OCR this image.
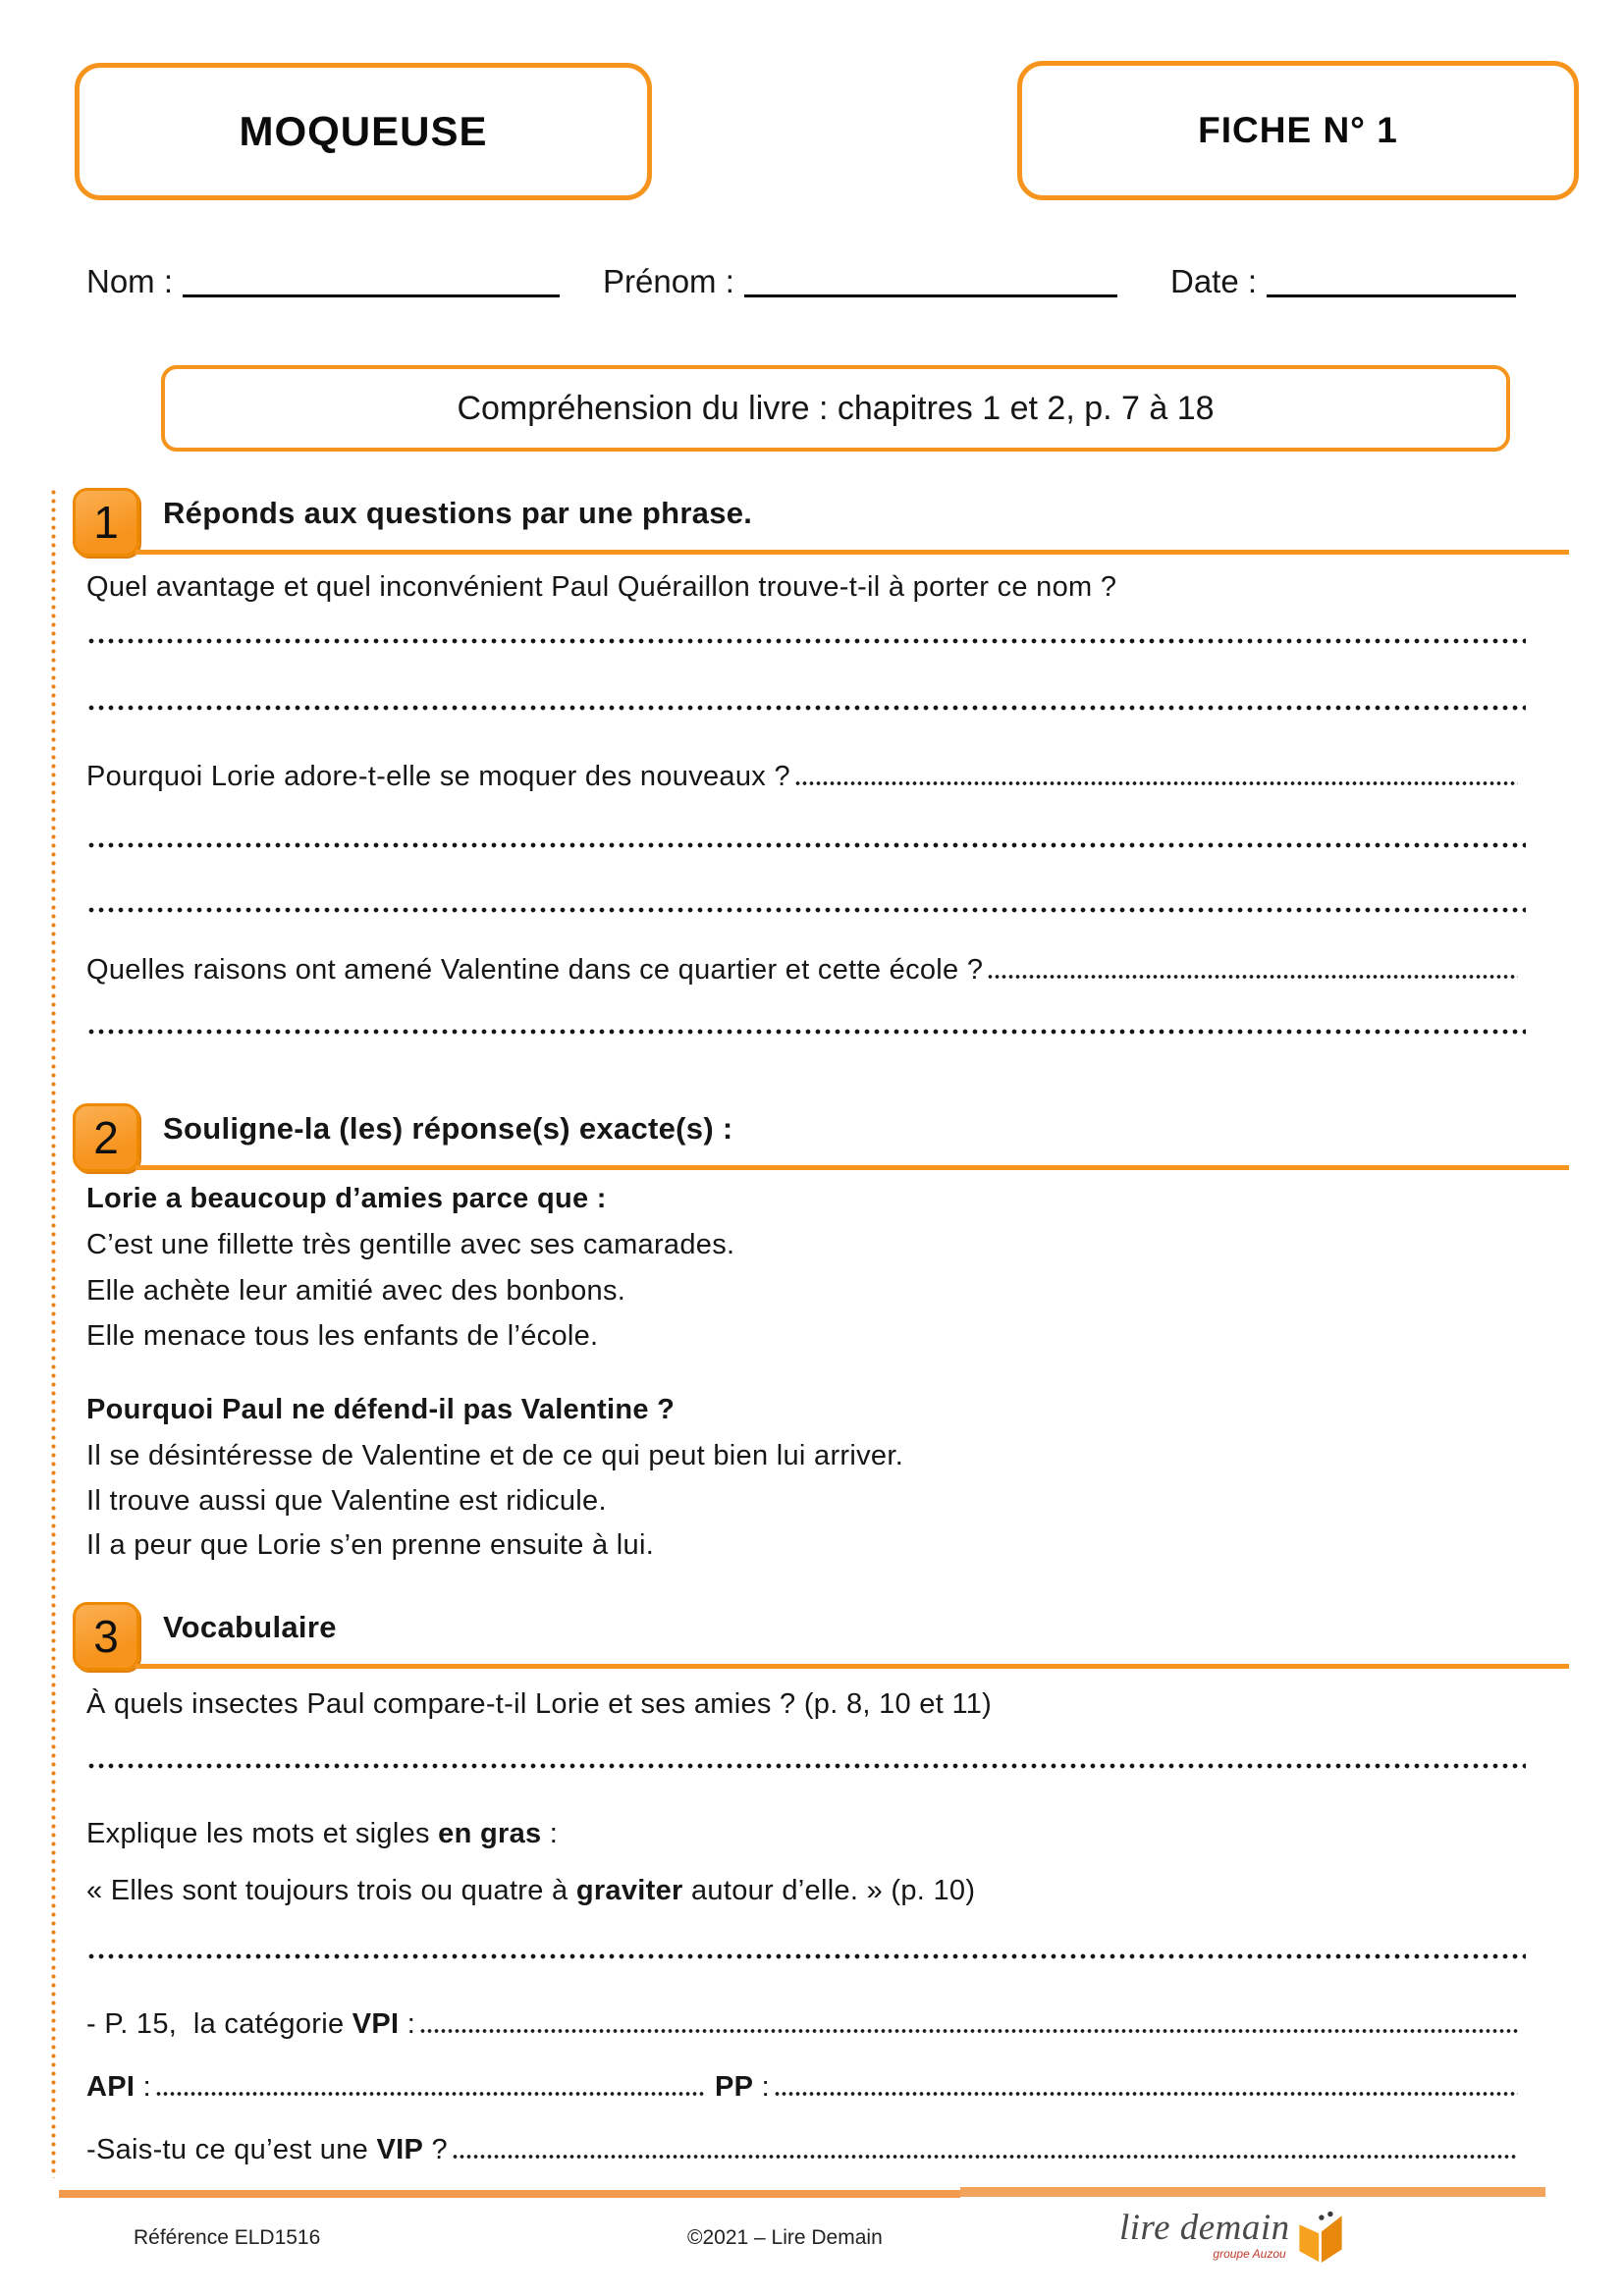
MOQUEUSE	FICHE N° 1
Nom :	Prénom :	Date :
Compréhension du livre : chapitres 1 et 2, p. 7 à 18
1 Réponds aux questions par une phrase.
Quel avantage et quel inconvénient Paul Quéraillon trouve-t-il à porter ce nom ?
Pourquoi Lorie adore-t-elle se moquer des nouveaux ?
Quelles raisons ont amené Valentine dans ce quartier et cette école ?
2 Souligne-la (les) réponse(s) exacte(s) :
Lorie a beaucoup d’amies parce que :
C’est une fillette très gentille avec ses camarades.
Elle achète leur amitié avec des bonbons.
Elle menace tous les enfants de l’école.
Pourquoi Paul ne défend-il pas Valentine ?
Il se désintéresse de Valentine et de ce qui peut bien lui arriver.
Il trouve aussi que Valentine est ridicule.
Il a peur que Lorie s’en prenne ensuite à lui.
3 Vocabulaire
À quels insectes Paul compare-t-il Lorie et ses amies ? (p. 8, 10 et 11)
Explique les mots et sigles en gras :
« Elles sont toujours trois ou quatre à graviter autour d’elle. » (p. 10)
- P. 15,  la catégorie VPI :
API :	PP :
-Sais-tu ce qu’est une VIP ?
Référence ELD1516	©2021 – Lire Demain	lire demain
groupe Auzou
